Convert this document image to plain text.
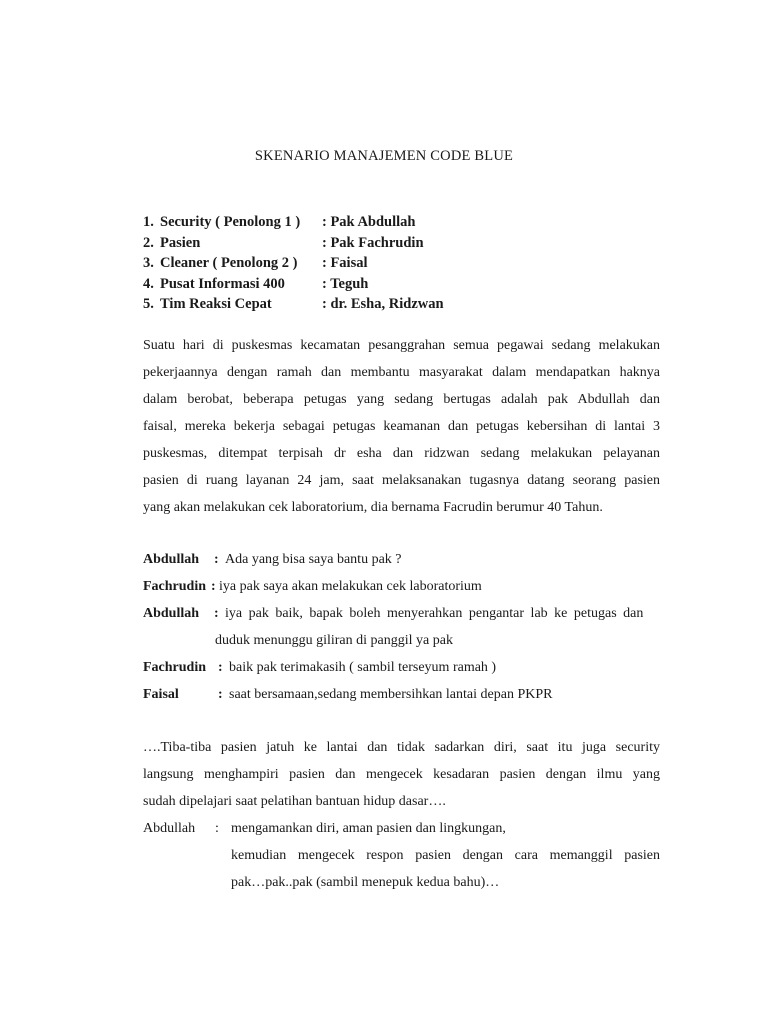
SKENARIO MANAJEMEN CODE BLUE
1. Security ( Penolong 1 ) : Pak Abdullah
2. Pasien	: Pak Fachrudin
3. Cleaner ( Penolong 2 ) : Faisal
4. Pusat Informasi 400	: Teguh
5. Tim Reaksi Cepat	: dr. Esha, Ridzwan
Suatu hari di puskesmas kecamatan pesanggrahan semua pegawai sedang melakukan
pekerjaannya dengan ramah dan membantu masyarakat dalam mendapatkan haknya
dalam berobat, beberapa petugas yang sedang bertugas adalah pak Abdullah dan
faisal, mereka bekerja sebagai petugas keamanan dan petugas kebersihan di lantai 3
puskesmas, ditempat terpisah dr esha dan ridzwan sedang melakukan pelayanan
pasien di ruang layanan 24 jam, saat melaksanakan tugasnya datang seorang pasien
yang akan melakukan cek laboratorium, dia bernama Facrudin berumur 40 Tahun.
Abdullah : Ada yang bisa saya bantu pak ?
Fachrudin : iya pak saya akan melakukan cek laboratorium
Abdullah : iya pak baik, bapak boleh menyerahkan pengantar lab ke petugas dan
duduk menunggu giliran di panggil ya pak
Fachrudin : baik pak terimakasih ( sambil terseyum ramah )
Faisal	: saat bersamaan,sedang membersihkan lantai depan PKPR
….Tiba-tiba pasien jatuh ke lantai dan tidak sadarkan diri, saat itu juga security
langsung menghampiri pasien dan mengecek kesadaran pasien dengan ilmu yang
sudah dipelajari saat pelatihan bantuan hidup dasar….
Abdullah : mengamankan diri, aman pasien dan lingkungan,
kemudian mengecek respon pasien dengan cara memanggil pasien
pak…pak..pak (sambil menepuk kedua bahu)…
